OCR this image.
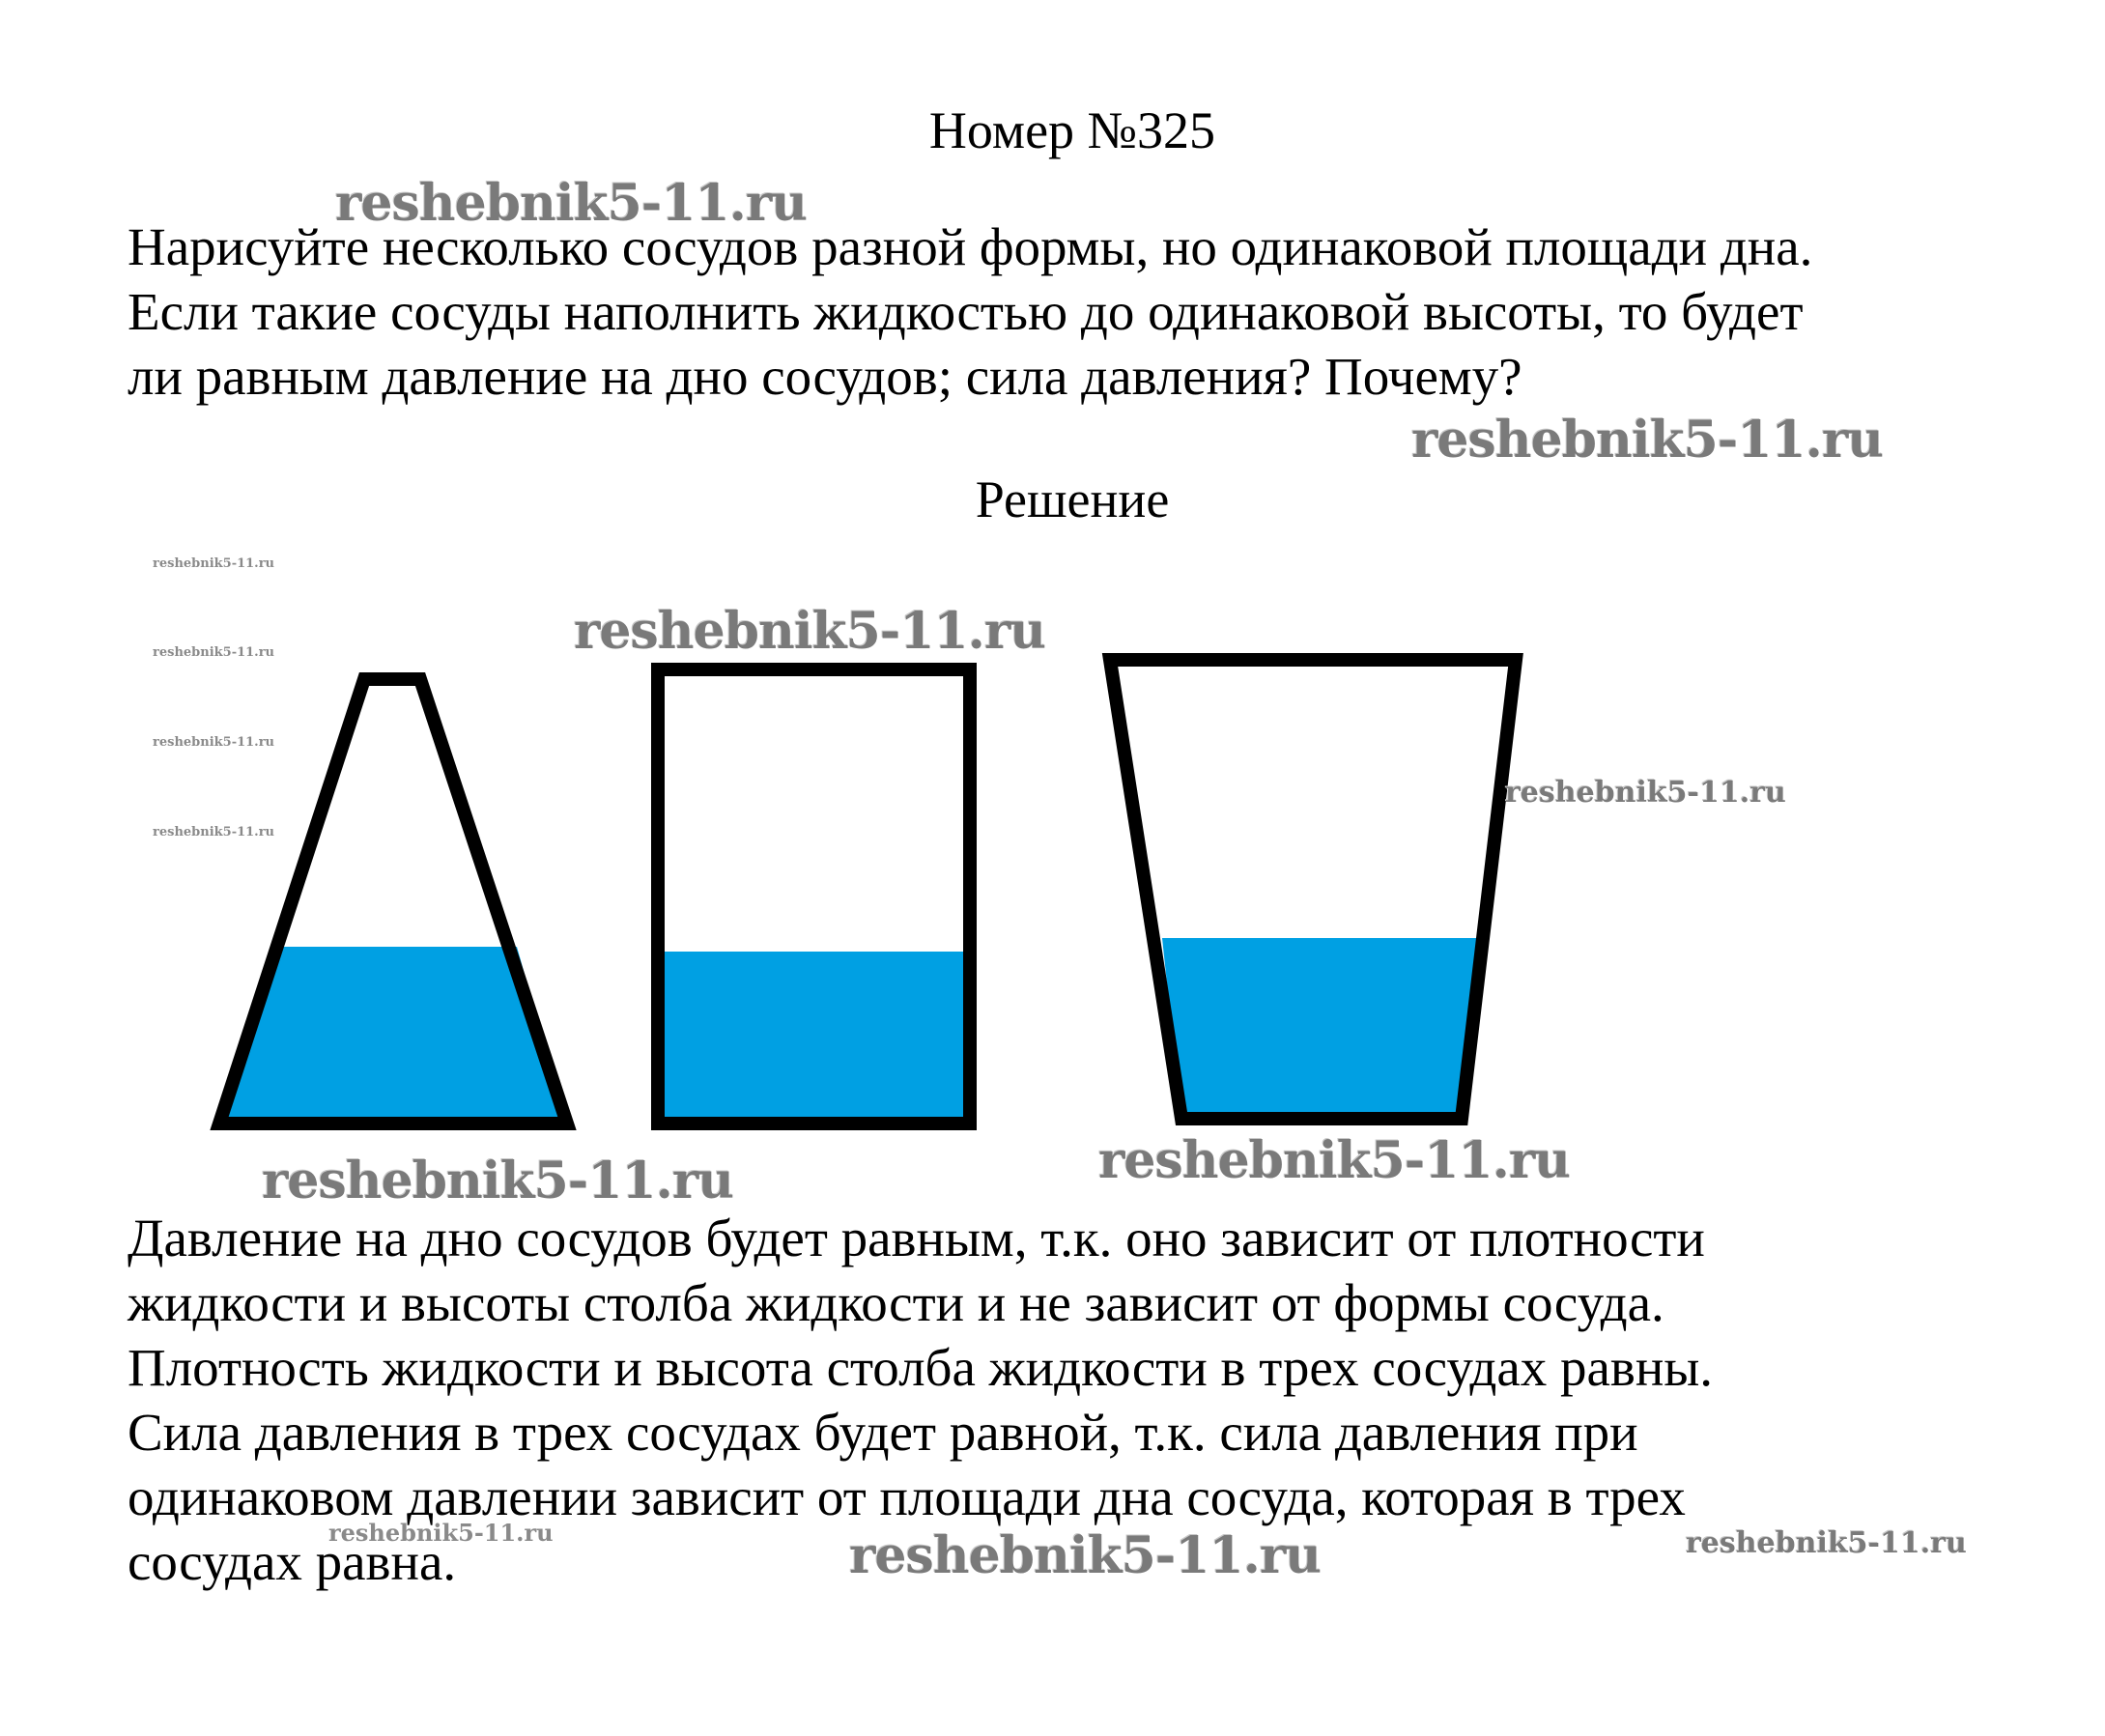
Номер №325

Нарисуйте несколько сосудов разной формы, но одинаковой площади дна.
Если такие сосуды наполнить жидкостью до одинаковой высоты, то будет
ли равным давление на дно сосудов; сила давления? Почему?

Решение

Давление на дно сосудов будет равным, т.к. оно зависит от плотности
жидкости и высоты столба жидкости и не зависит от формы сосуда.
Плотность жидкости и высота столба жидкости в трех сосудах равны.
Сила давления в трех сосудах будет равной, т.к. сила давления при
одинаковом давлении зависит от площади дна сосуда, которая в трех
сосудах равна.

reshebnik5-11.ru
reshebnik5-11.ru
reshebnik5-11.ru
reshebnik5-11.ru	reshebnik5-11.ru
reshebnik5-11.ru
reshebnik5-11.ru
reshebnik5-11.ru
reshebnik5-11.ru
reshebnik5-11.ru
reshebnik5-11.ru
reshebnik5-11.ru
reshebnik5-11.ru
